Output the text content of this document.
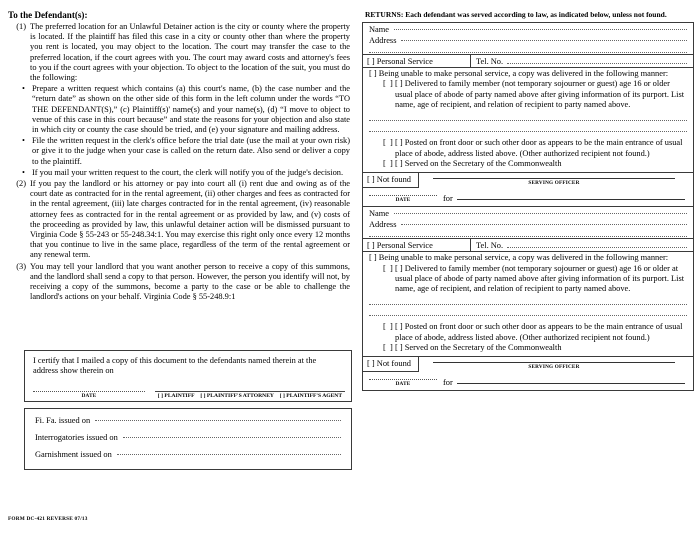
To the Defendant(s):
(1) The preferred location for an Unlawful Detainer action is the city or county where the property is located. If the plaintiff has filed this case in a city or county other than where the property you rent is located, you may object to the location. The court may transfer the case to the preferred location, if the court agrees with you. The court may award costs and attorney's fees to you if the court agrees with your objection. To object to the location of the suit, you must do the following:
• Prepare a written request which contains (a) this court's name, (b) the case number and the “return date” as shown on the other side of this form in the left column under the words “TO THE DEFENDANT(S),” (c) Plaintiff(s)' name(s) and your name(s), (d) “I move to object to venue of this case in this court because” and state the reasons for your objection and also state in which city or county the case should be tried, and (e) your signature and mailing address.
• File the written request in the clerk's office before the trial date (use the mail at your own risk) or give it to the judge when your case is called on the return date. Also send or deliver a copy to the plaintiff.
• If you mail your written request to the court, the clerk will notify you of the judge's decision.
(2) If you pay the landlord or his attorney or pay into court all (i) rent due and owing as of the court date as contracted for in the rental agreement, (ii) other charges and fees as contracted for in the rental agreement, (iii) late charges contracted for in the rental agreement, (iv) reasonable attorney fees as contracted for in the rental agreement or as provided by law, and (v) costs of the proceeding as provided by law, this unlawful detainer action will be dismissed pursuant to Virginia Code § 55-243 or 55-248.34:1. You may exercise this right only once every 12 months that you continue to live in the same place, regardless of the term of the rental agreement or any renewal term.
(3) You may tell your landlord that you want another person to receive a copy of this summons, and the landlord shall send a copy to that person. However, the person you identify will not, by receiving a copy of the summons, become a party to the case or be able to challenge the landlord's actions on your behalf. Virginia Code § 55-248.9:1
I certify that I mailed a copy of this document to the defendants named therein at the address show therein on
DATE	[ ] PLAINTIFF [ ] PLAINTIFF'S ATTORNEY [ ] PLAINTIFF'S AGENT
Fi. Fa. issued on
Interrogatories issued on
Garnishment issued on
FORM DC-421 REVERSE 07/13
RETURNS: Each defendant was served according to law, as indicated below, unless not found.
Name
Address
[ ] Personal Service	Tel. No.
[ ] Being unable to make personal service, a copy was delivered in the following manner:
[  ] [ ] Delivered to family member (not temporary sojourner or guest) age 16 or older usual place of abode of party named above after giving information of its purport. List name, age of recipient, and relation of recipient to party named above.
[  ] [ ] Posted on front door or such other door as appears to be the main entrance of usual place of abode, address listed above. (Other authorized recipient not found.)
[  ] [ ] Served on the Secretary of the Commonwealth
[ ] Not found	SERVING OFFICER
DATE	for
Name
Address
[ ] Personal Service	Tel. No.
[ ] Being unable to make personal service, a copy was delivered in the following manner:
[  ] [ ] Delivered to family member (not temporary sojourner or guest) age 16 or older at usual place of abode of party named above after giving information of its purport. List name, age of recipient, and relation of recipient to party named above.
[  ] [ ] Posted on front door or such other door as appears to be the main entrance of usual place of abode, address listed above. (Other authorized recipient not found.)
[  ] [ ] Served on the Secretary of the Commonwealth
[ ] Not found	SERVING OFFICER
DATE	for
